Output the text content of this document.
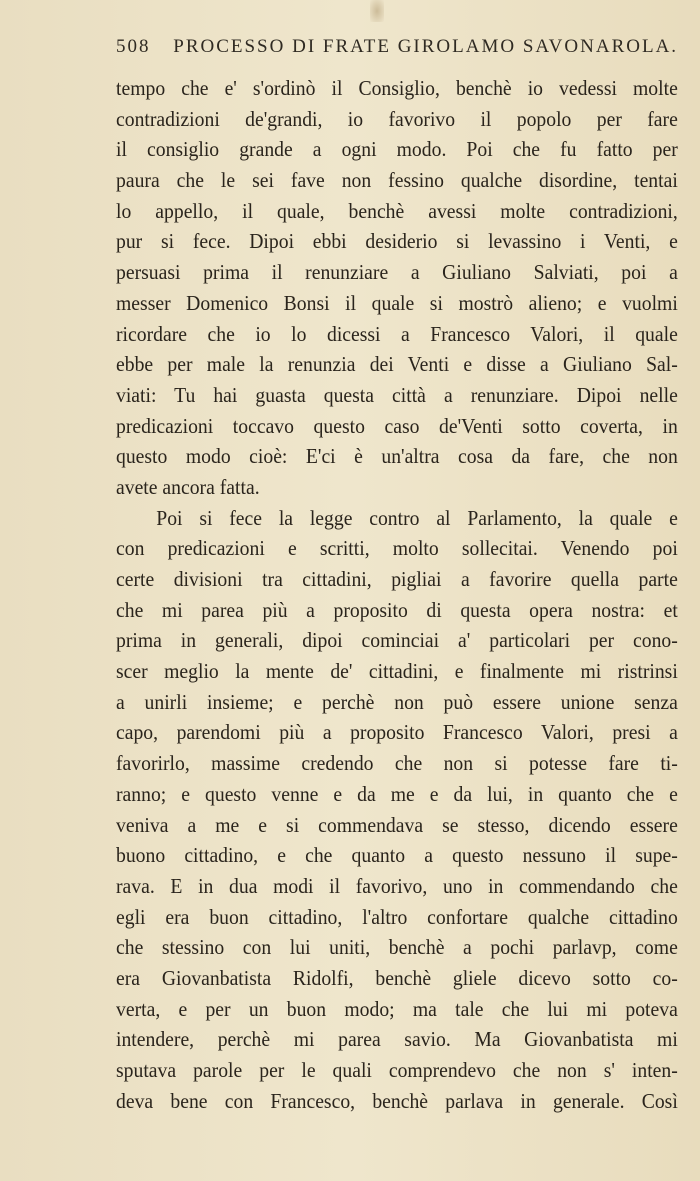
508 PROCESSO DI FRATE GIROLAMO SAVONAROLA.
tempo che e' s'ordinò il Consiglio, benchè io vedessi molte
contradizioni de'grandi, io favorivo il popolo per fare
il consiglio grande a ogni modo. Poi che fu fatto per
paura che le sei fave non fessino qualche disordine, tentai
lo appello, il quale, benchè avessi molte contradizioni,
pur si fece. Dipoi ebbi desiderio si levassino i Venti, e
persuasi prima il renunziare a Giuliano Salviati, poi a
messer Domenico Bonsi il quale si mostrò alieno; e vuolmi
ricordare che io lo dicessi a Francesco Valori, il quale
ebbe per male la renunzia dei Venti e disse a Giuliano Sal-
viati: Tu hai guasta questa città a renunziare. Dipoi nelle
predicazioni toccavo questo caso de'Venti sotto coverta, in
questo modo cioè: E'ci è un'altra cosa da fare, che non
avete ancora fatta.
Poi si fece la legge contro al Parlamento, la quale e
con predicazioni e scritti, molto sollecitai. Venendo poi
certe divisioni tra cittadini, pigliai a favorire quella parte
che mi parea più a proposito di questa opera nostra: et
prima in generali, dipoi cominciai a' particolari per cono-
scer meglio la mente de' cittadini, e finalmente mi ristrinsi
a unirli insieme; e perchè non può essere unione senza
capo, parendomi più a proposito Francesco Valori, presi a
favorirlo, massime credendo che non si potesse fare ti-
ranno; e questo venne e da me e da lui, in quanto che e
veniva a me e si commendava se stesso, dicendo essere
buono cittadino, e che quanto a questo nessuno il supe-
rava. E in dua modi il favorivo, uno in commendando che
egli era buon cittadino, l'altro confortare qualche cittadino
che stessino con lui uniti, benchè a pochi parlavp, come
era Giovanbatista Ridolfi, benchè gliele dicevo sotto co-
verta, e per un buon modo; ma tale che lui mi poteva
intendere, perchè mi parea savio. Ma Giovanbatista mi
sputava parole per le quali comprendevo che non s' inten-
deva bene con Francesco, benchè parlava in generale. Così
